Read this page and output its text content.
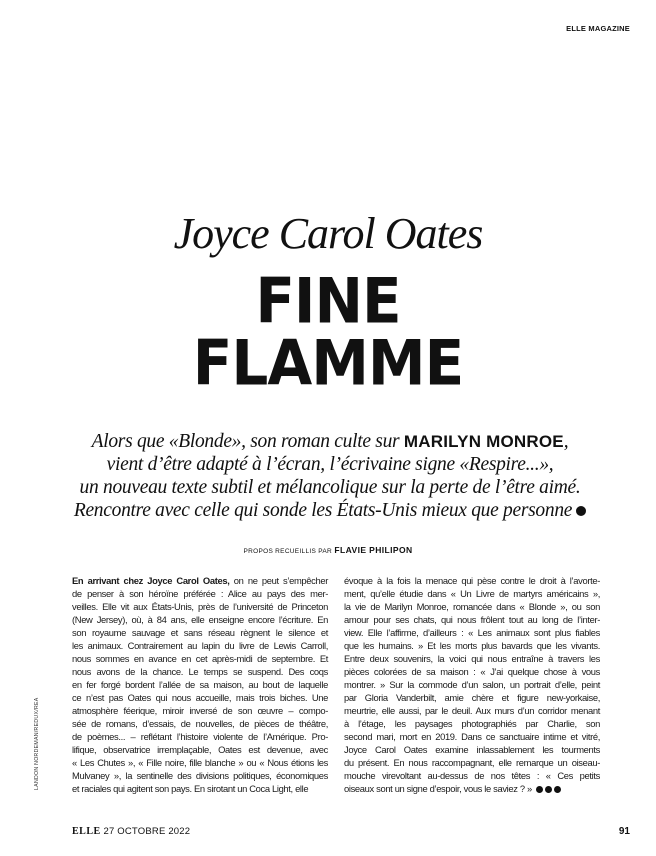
ELLE MAGAZINE
Joyce Carol Oates
FINE
FLAMME
Alors que «Blonde», son roman culte sur MARILYN MONROE,
vient d’être adapté à l’écran, l’écrivaine signe «Respire...»,
un nouveau texte subtil et mélancolique sur la perte de l’être aimé.
Rencontre avec celle qui sonde les États-Unis mieux que personne
PROPOS RECUEILLIS PAR FLAVIE PHILIPON
En arrivant chez Joyce Carol Oates, on ne peut s’empêcher
de penser à son héroïne préférée : Alice au pays des mer-
veilles. Elle vit aux États-Unis, près de l’université de Princeton
(New Jersey), où, à 84 ans, elle enseigne encore l’écriture. En
son royaume sauvage et sans réseau règnent le silence et
les animaux. Contrairement au lapin du livre de Lewis Carroll,
nous sommes en avance en cet après-midi de septembre. Et
nous avons de la chance. Le temps se suspend. Des coqs
en fer forgé bordent l’allée de sa maison, au bout de laquelle
ce n’est pas Oates qui nous accueille, mais trois biches. Une
atmosphère féerique, miroir inversé de son œuvre – compo-
sée de romans, d’essais, de nouvelles, de pièces de théâtre,
de poèmes... – reflétant l’histoire violente de l’Amérique. Pro-
lifique, observatrice irremplaçable, Oates est devenue, avec
« Les Chutes », « Fille noire, fille blanche » ou « Nous étions les
Mulvaney », la sentinelle des divisions politiques, économiques
et raciales qui agitent son pays. En sirotant un Coca Light, elle
évoque à la fois la menace qui pèse contre le droit à l’avorte-
ment, qu’elle étudie dans « Un Livre de martyrs américains »,
la vie de Marilyn Monroe, romancée dans « Blonde », ou son
amour pour ses chats, qui nous frôlent tout au long de l’inter-
view. Elle l’affirme, d’ailleurs : « Les animaux sont plus fiables
que les humains. » Et les morts plus bavards que les vivants.
Entre deux souvenirs, la voici qui nous entraîne à travers les
pièces colorées de sa maison : « J’ai quelque chose à vous
montrer. » Sur la commode d’un salon, un portrait d’elle, peint
par Gloria Vanderbilt, amie chère et figure new-yorkaise,
meurtrie, elle aussi, par le deuil. Aux murs d’un corridor menant
à l’étage, les paysages photographiés par Charlie, son
second mari, mort en 2019. Dans ce sanctuaire intime et vitré,
Joyce Carol Oates examine inlassablement les tourments
du présent. En nous raccompagnant, elle remarque un oiseau-
mouche virevoltant au-dessus de nos têtes : « Ces petits
oiseaux sont un signe d’espoir, vous le saviez ? »
LANDON NORDEMAN/REDUX/REA
ELLE 27 OCTOBRE 2022	91
